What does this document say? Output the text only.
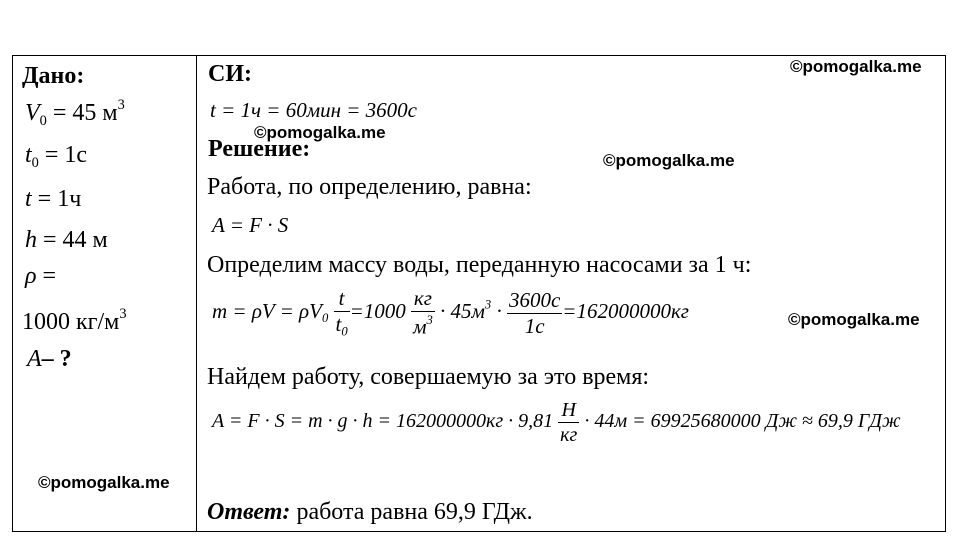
©pomogalka.me
©pomogalka.me
©pomogalka.me
©pomogalka.me
©pomogalka.me
Дано:
$V_0 = 45$ $м^3$
$t_0 = 1с$
t = 1ч
h = 44 м
ρ =
1000 $кг/м^3$
A– ?
СИ:
t = 1ч = 60мин = 3600с
Решение:
Работа, по определению, равна:
A = F · S
Определим массу воды, переданную насосами за 1 ч:
$m = \rho V = \rho V_0 \frac{t}{t_0} =1000 \frac{кг}{м^3} \cdot 45м^3 \cdot \frac{3600с}{1с} =162000000кг$
Найдем работу, совершаемую за это время:
$A = F \cdot S = m \cdot g \cdot h = 162000000кг \cdot 9,81 \frac{Н}{кг} \cdot 44м = 69925680000$ Дж ≈ 69,9 ГДж
Ответ: работа равна 69,9 ГДж.
